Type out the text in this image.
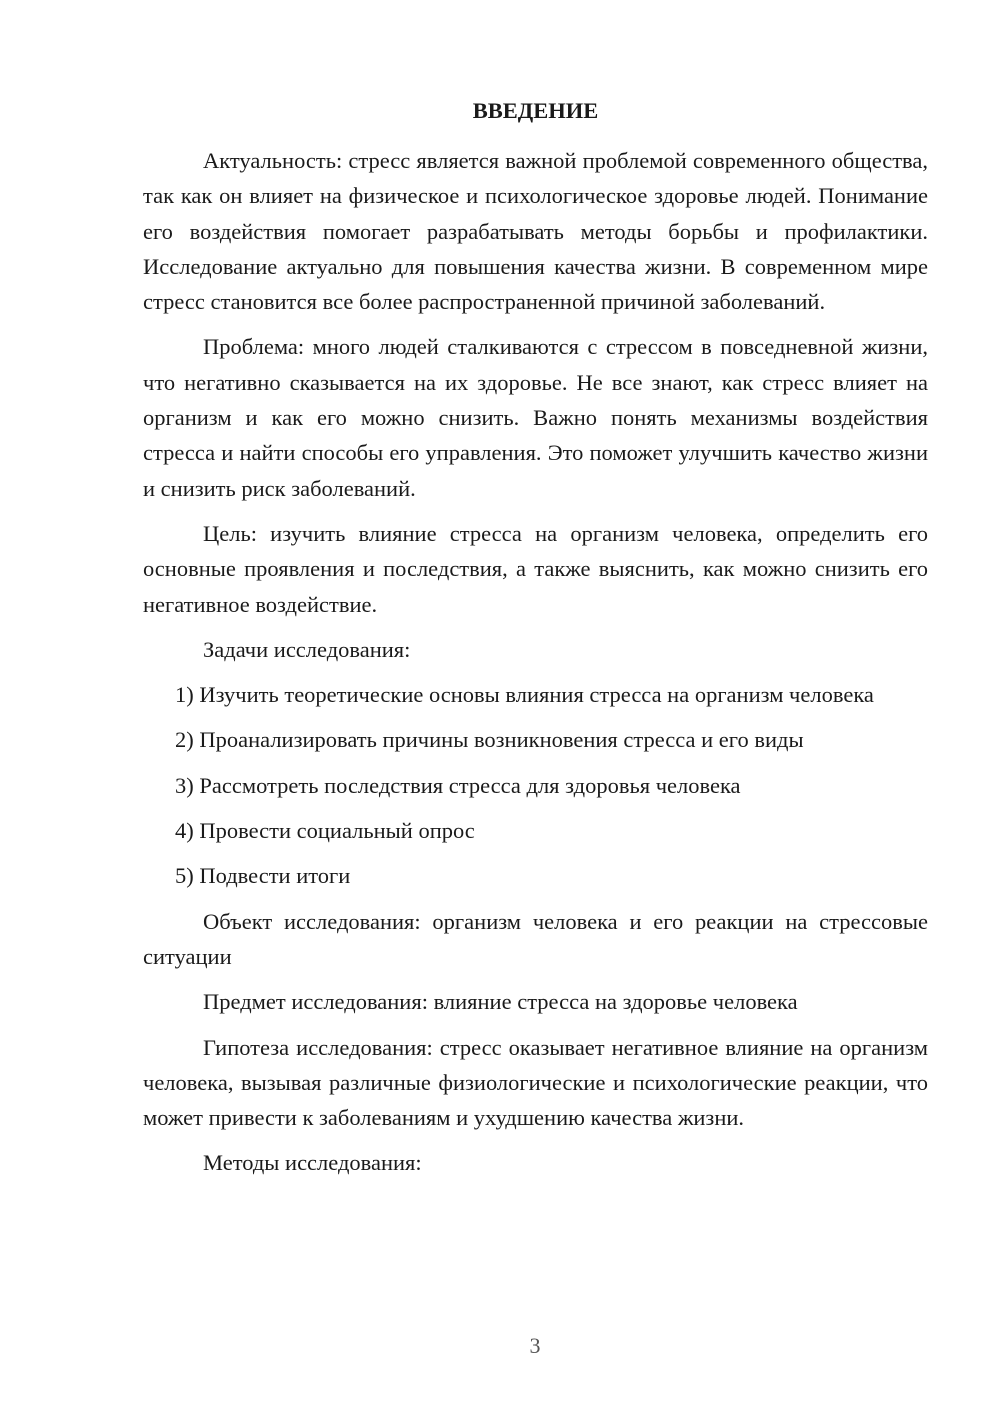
ВВЕДЕНИЕ

Актуальность: стресс является важной проблемой современного общества, так как он влияет на физическое и психологическое здоровье людей. Понимание его воздействия помогает разрабатывать методы борьбы и профилактики. Исследование актуально для повышения качества жизни. В современном мире стресс становится все более распространенной причиной заболеваний.

Проблема: много людей сталкиваются с стрессом в повседневной жизни, что негативно сказывается на их здоровье. Не все знают, как стресс влияет на организм и как его можно снизить. Важно понять механизмы воздействия стресса и найти способы его управления. Это поможет улучшить качество жизни и снизить риск заболеваний.

Цель: изучить влияние стресса на организм человека, определить его основные проявления и последствия, а также выяснить, как можно снизить его негативное воздействие.

Задачи исследования:

1) Изучить теоретические основы влияния стресса на организм человека

2) Проанализировать причины возникновения стресса и его виды

3) Рассмотреть последствия стресса для здоровья человека

4) Провести социальный опрос

5) Подвести итоги

Объект исследования: организм человека и его реакции на стрессовые ситуации

Предмет исследования: влияние стресса на здоровье человека

Гипотеза исследования: стресс оказывает негативное влияние на организм человека, вызывая различные физиологические и психологические реакции, что может привести к заболеваниям и ухудшению качества жизни.

Методы исследования:

3
